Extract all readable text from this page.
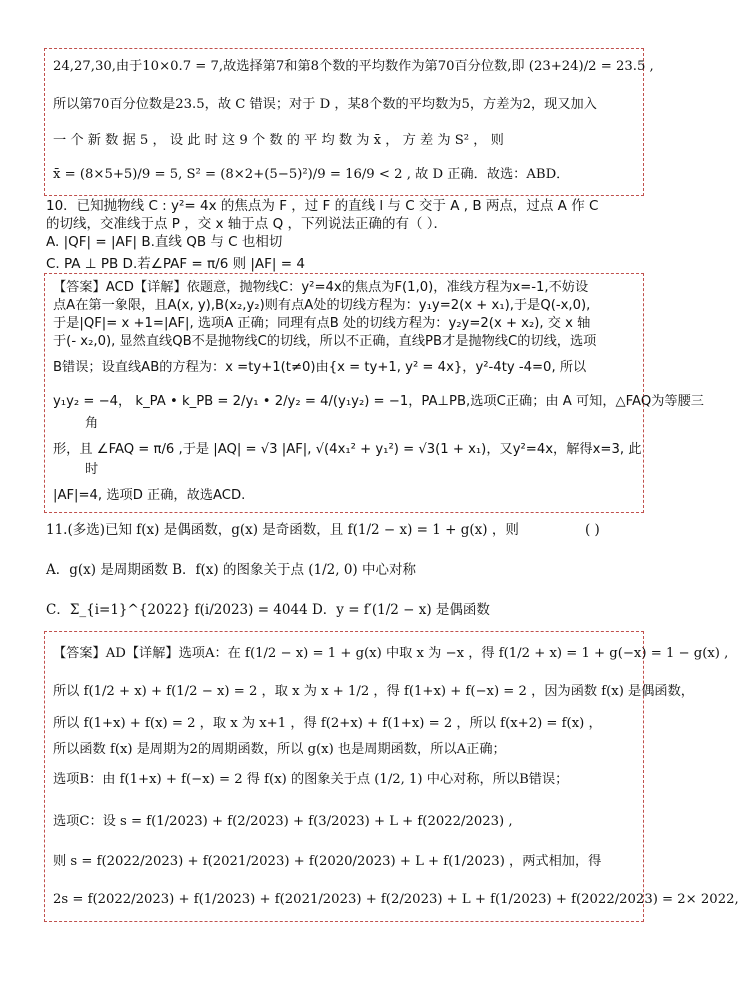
24,27,30,由于10×0.7 = 7,故选择第7和第8个数的平均数作为第70百分位数,即 (23+24)/2 = 23.5 ,
所以第70百分位数是23.5，故 C 错误；对于 D ，某8个数的平均数为5，方差为2，现又加入
一 个 新 数 据 5 ， 设 此 时 这 9 个 数 的 平 均 数 为 x̄ ， 方 差 为 S² ， 则
x̄ = (8×5+5)/9 = 5, S² = (8×2+(5−5)²)/9 = 16/9 < 2 , 故 D 正确．故选：ABD．
10．已知抛物线 C : y²= 4x 的焦点为 F ，过 F 的直线 l 与 C 交于 A , B 两点，过点 A 作 C
的切线，交准线于点 P ，交 x 轴于点 Q ，下列说法正确的有（ ）．
A. |QF| = |AF| B.直线 QB 与 C 也相切
C. PA ⊥ PB D.若∠PAF = π/6 则 |AF| = 4
【答案】ACD【详解】依题意，抛物线C：y²=4x的焦点为F(1,0)，准线方程为x=-1,不妨设
点A在第一象限，且A(x, y),B(x₂,y₂)则有点A处的切线方程为：y₁y=2(x + x₁),于是Q(-x,0),
于是|QF|= x +1=|AF|, 选项A 正确；同理有点B 处的切线方程为：y₂y=2(x + x₂), 交 x 轴
于(- x₂,0), 显然直线QB不是抛物线C的切线，所以不正确，直线PB才是抛物线C的切线，选项
B错误；设直线AB的方程为：x =ty+1(t≠0)由{x = ty+1, y² = 4x}，y²-4ty -4=0, 所以
y₁y₂ = −4， k_PA • k_PB = 2/y₁ • 2/y₂ = 4/(y₁y₂) = −1，PA⊥PB,选项C正确；由 A 可知，△FAQ为等腰三
角
形，且 ∠FAQ = π/6 ,于是 |AQ| = √3 |AF|, √(4x₁² + y₁²) = √3(1 + x₁)，又y²=4x，解得x=3, 此
时
|AF|=4, 选项D 正确，故选ACD.
11.(多选)已知 f(x) 是偶函数，g(x) 是奇函数，且 f(1/2 − x) = 1 + g(x) ，则	( )
A．g(x) 是周期函数 B．f(x) 的图象关于点 (1/2, 0) 中心对称
C．Σ_{i=1}^{2022} f(i/2023) = 4044 D．y = f′(1/2 − x) 是偶函数
【答案】AD【详解】选项A：在 f(1/2 − x) = 1 + g(x) 中取 x 为 −x ，得 f(1/2 + x) = 1 + g(−x) = 1 − g(x) ,
所以 f(1/2 + x) + f(1/2 − x) = 2 ，取 x 为 x + 1/2 ，得 f(1+x) + f(−x) = 2 ，因为函数 f(x) 是偶函数，
所以 f(1+x) + f(x) = 2 ，取 x 为 x+1 ，得 f(2+x) + f(1+x) = 2 ，所以 f(x+2) = f(x) ，
所以函数 f(x) 是周期为2的周期函数，所以 g(x) 也是周期函数，所以A正确；
选项B：由 f(1+x) + f(−x) = 2 得 f(x) 的图象关于点 (1/2, 1) 中心对称，所以B错误；
选项C：设 s = f(1/2023) + f(2/2023) + f(3/2023) + L + f(2022/2023) ,
则 s = f(2022/2023) + f(2021/2023) + f(2020/2023) + L + f(1/2023) ，两式相加，得
2s = f(2022/2023) + f(1/2023) + f(2021/2023) + f(2/2023) + L + f(1/2023) + f(2022/2023) = 2× 2022,
